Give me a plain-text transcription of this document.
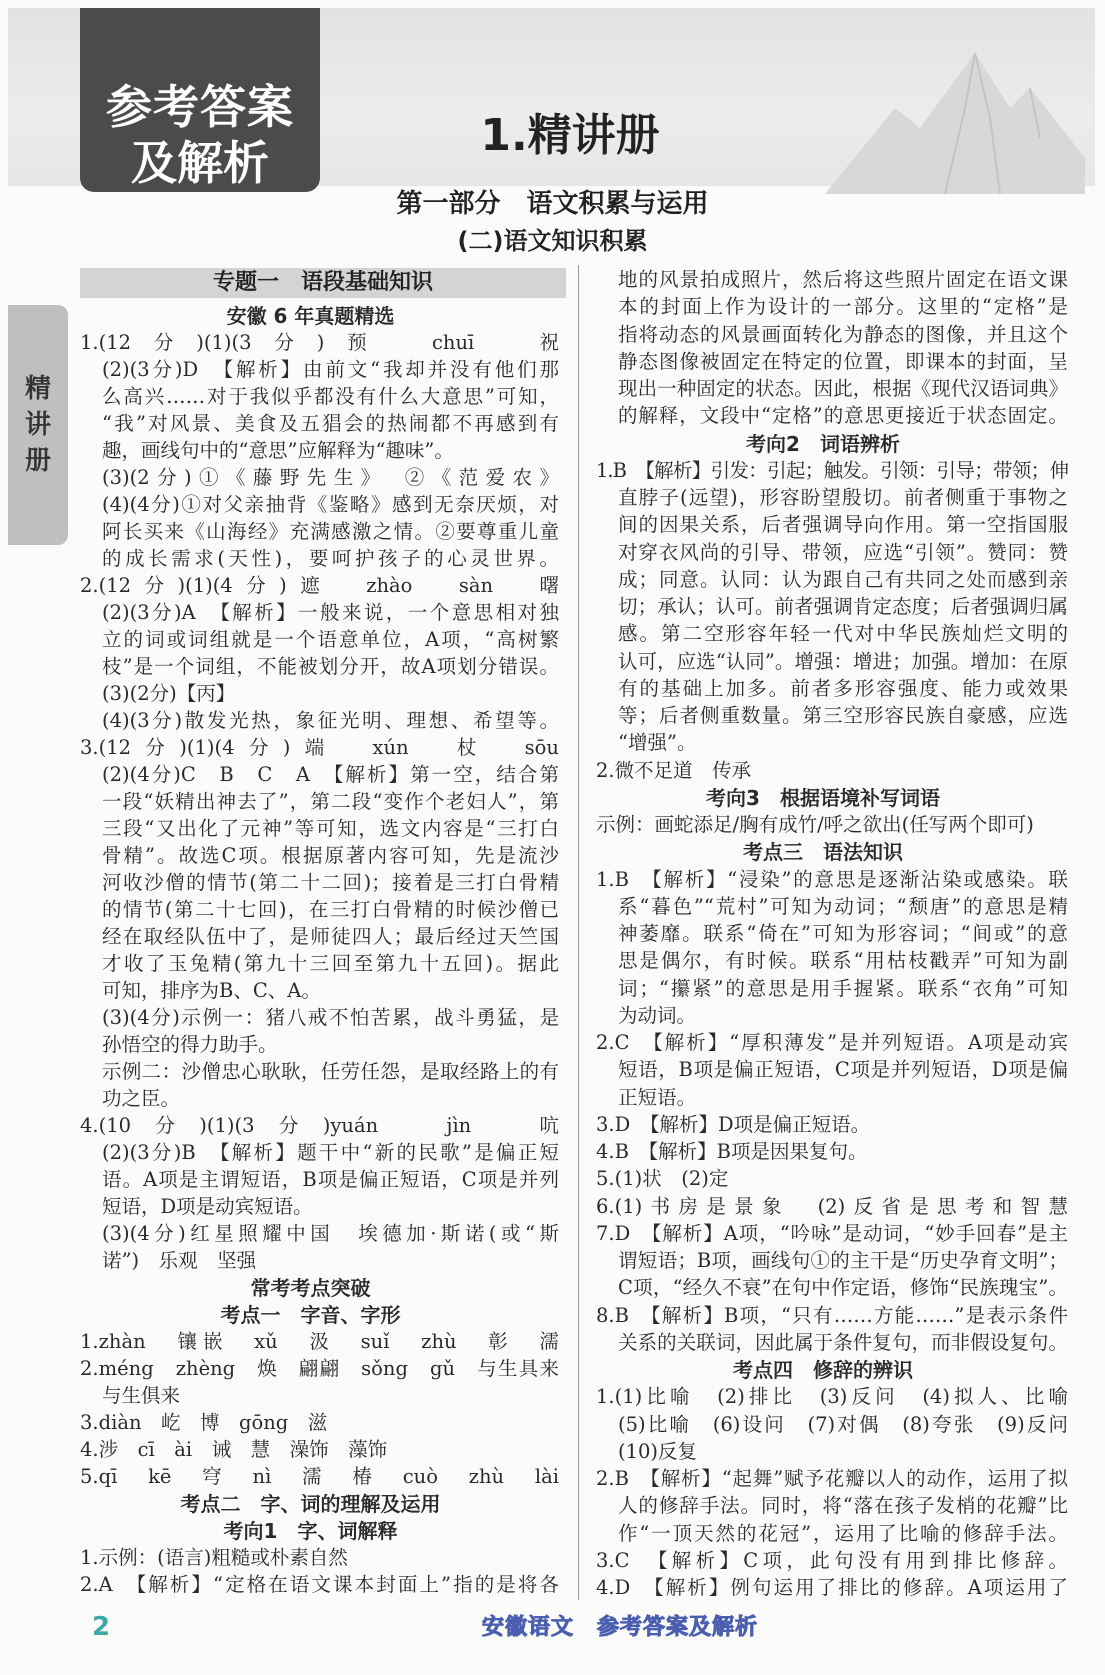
参考答案
及解析
1.精讲册
第一部分　语文积累与运用
(二)语文知识积累
精
讲
册
专题一　语段基础知识
安徽 6 年真题精选
1.(12分)(1)(3分)预　chuī　祝
(2)(3分)D　【解析】由前文“我却并没有他们那
么高兴……对于我似乎都没有什么大意思”可知，
“我”对风景、美食及五猖会的热闹都不再感到有
趣，画线句中的“意思”应解释为“趣味”。
(3)(2分)①《藤野先生》　②《范爱农》
(4)(4分)①对父亲抽背《鉴略》感到无奈厌烦，对
阿长买来《山海经》充满感激之情。②要尊重儿童
的成长需求(天性)，要呵护孩子的心灵世界。
2.(12分)(1)(4分)遮　zhào　sàn　曙
(2)(3分)A　【解析】一般来说，一个意思相对独
立的词或词组就是一个语意单位，A项，“高树繁
枝”是一个词组，不能被划分开，故A项划分错误。
(3)(2分)【丙】
(4)(3分)散发光热，象征光明、理想、希望等。
3.(12分)(1)(4分)端　xún　杖　sōu
(2)(4分)C　B　C　A　【解析】第一空，结合第
一段“妖精出神去了”，第二段“变作个老妇人”，第
三段“又出化了元神”等可知，选文内容是“三打白
骨精”。故选C项。根据原著内容可知，先是流沙
河收沙僧的情节(第二十二回)；接着是三打白骨精
的情节(第二十七回)，在三打白骨精的时候沙僧已
经在取经队伍中了，是师徒四人；最后经过天竺国
才收了玉兔精(第九十三回至第九十五回)。据此
可知，排序为B、C、A。
(3)(4分)示例一：猪八戒不怕苦累，战斗勇猛，是
孙悟空的得力助手。
示例二：沙僧忠心耿耿，任劳任怨，是取经路上的有
功之臣。
4.(10分)(1)(3分)yuán　jìn　吭
(2)(3分)B　【解析】题干中“新的民歌”是偏正短
语。A项是主谓短语，B项是偏正短语，C项是并列
短语，D项是动宾短语。
(3)(4分)红星照耀中国　埃德加·斯诺(或“斯
诺”)　乐观　坚强
常考考点突破
考点一　字音、字形
1.zhàn　镶嵌　xǔ　汲　suǐ　zhù　彰　濡
2.méng　zhèng　焕　翩翩　sǒng　gǔ　与生具来
与生俱来
3.diàn　屹　博　gōng　滋
4.涉　cī　ài　诫　慧　澡饰　藻饰
5.qī　kē　穹　nì　濡　椿　cuò　zhù　lài
考点二　字、词的理解及运用
考向1　字、词解释
1.示例：(语言)粗糙或朴素自然
2.A　【解析】“定格在语文课本封面上”指的是将各
地的风景拍成照片，然后将这些照片固定在语文课
本的封面上作为设计的一部分。这里的“定格”是
指将动态的风景画面转化为静态的图像，并且这个
静态图像被固定在特定的位置，即课本的封面，呈
现出一种固定的状态。因此，根据《现代汉语词典》
的解释，文段中“定格”的意思更接近于状态固定。
考向2　词语辨析
1.B　【解析】引发：引起；触发。引领：引导；带领；伸
直脖子(远望)，形容盼望殷切。前者侧重于事物之
间的因果关系，后者强调导向作用。第一空指国服
对穿衣风尚的引导、带领，应选“引领”。赞同：赞
成；同意。认同：认为跟自己有共同之处而感到亲
切；承认；认可。前者强调肯定态度；后者强调归属
感。第二空形容年轻一代对中华民族灿烂文明的
认可，应选“认同”。增强：增进；加强。增加：在原
有的基础上加多。前者多形容强度、能力或效果
等；后者侧重数量。第三空形容民族自豪感，应选
“增强”。
2.微不足道　传承
考向3　根据语境补写词语
示例：画蛇添足/胸有成竹/呼之欲出(任写两个即可)
考点三　语法知识
1.B　【解析】“浸染”的意思是逐渐沾染或感染。联
系“暮色”“荒村”可知为动词；“颓唐”的意思是精
神萎靡。联系“倚在”可知为形容词；“间或”的意
思是偶尔，有时候。联系“用枯枝戳弄”可知为副
词；“攥紧”的意思是用手握紧。联系“衣角”可知
为动词。
2.C　【解析】“厚积薄发”是并列短语。A项是动宾
短语，B项是偏正短语，C项是并列短语，D项是偏
正短语。
3.D　【解析】D项是偏正短语。
4.B　【解析】B项是因果复句。
5.(1)状　(2)定
6.(1)书房是景象　(2)反省是思考和智慧
7.D　【解析】A项，“吟咏”是动词，“妙手回春”是主
谓短语；B项，画线句①的主干是“历史孕育文明”；
C项，“经久不衰”在句中作定语，修饰“民族瑰宝”。
8.B　【解析】B项，“只有……方能……”是表示条件
关系的关联词，因此属于条件复句，而非假设复句。
考点四　修辞的辨识
1.(1)比喻　(2)排比　(3)反问　(4)拟人、比喻
(5)比喻　(6)设问　(7)对偶　(8)夸张　(9)反问
(10)反复
2.B　【解析】“起舞”赋予花瓣以人的动作，运用了拟
人的修辞手法。同时，将“落在孩子发梢的花瓣”比
作“一顶天然的花冠”，运用了比喻的修辞手法。
3.C　【解析】C项，此句没有用到排比修辞。
4.D　【解析】例句运用了排比的修辞。A项运用了
2	安徽语文　参考答案及解析
